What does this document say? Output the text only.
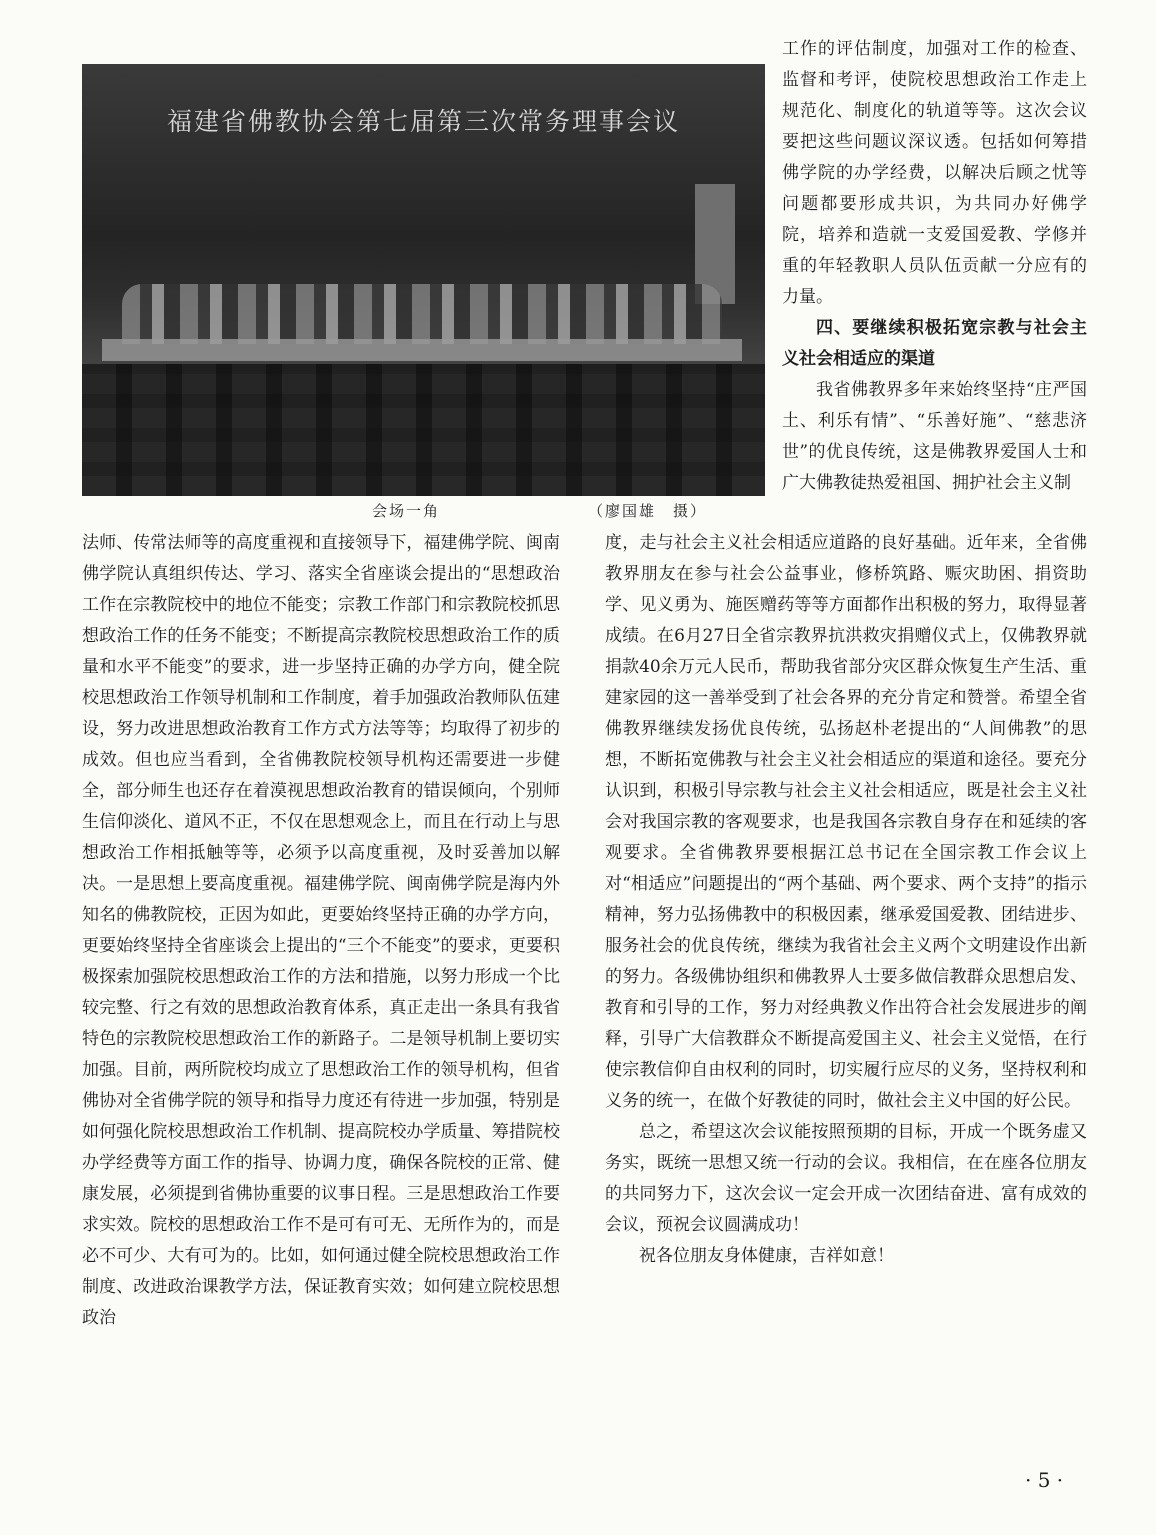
福建省佛教协会第七届第三次常务理事会议
会场一角	（廖国雄　摄）

工作的评估制度，加强对工作的检查、监督和考评，使院校思想政治工作走上规范化、制度化的轨道等等。这次会议要把这些问题议深议透。包括如何筹措佛学院的办学经费，以解决后顾之忧等问题都要形成共识，为共同办好佛学院，培养和造就一支爱国爱教、学修并重的年轻教职人员队伍贡献一分应有的力量。

四、要继续积极拓宽宗教与社会主义社会相适应的渠道

我省佛教界多年来始终坚持“庄严国土、利乐有情”、“乐善好施”、“慈悲济世”的优良传统，这是佛教界爱国人士和广大佛教徒热爱祖国、拥护社会主义制

法师、传常法师等的高度重视和直接领导下，福建佛学院、闽南佛学院认真组织传达、学习、落实全省座谈会提出的“思想政治工作在宗教院校中的地位不能变；宗教工作部门和宗教院校抓思想政治工作的任务不能变；不断提高宗教院校思想政治工作的质量和水平不能变”的要求，进一步坚持正确的办学方向，健全院校思想政治工作领导机制和工作制度，着手加强政治教师队伍建设，努力改进思想政治教育工作方式方法等等；均取得了初步的成效。但也应当看到，全省佛教院校领导机构还需要进一步健全，部分师生也还存在着漠视思想政治教育的错误倾向，个别师生信仰淡化、道风不正，不仅在思想观念上，而且在行动上与思想政治工作相抵触等等，必须予以高度重视，及时妥善加以解决。一是思想上要高度重视。福建佛学院、闽南佛学院是海内外知名的佛教院校，正因为如此，更要始终坚持正确的办学方向，更要始终坚持全省座谈会上提出的“三个不能变”的要求，更要积极探索加强院校思想政治工作的方法和措施，以努力形成一个比较完整、行之有效的思想政治教育体系，真正走出一条具有我省特色的宗教院校思想政治工作的新路子。二是领导机制上要切实加强。目前，两所院校均成立了思想政治工作的领导机构，但省佛协对全省佛学院的领导和指导力度还有待进一步加强，特别是如何强化院校思想政治工作机制、提高院校办学质量、筹措院校办学经费等方面工作的指导、协调力度，确保各院校的正常、健康发展，必须提到省佛协重要的议事日程。三是思想政治工作要求实效。院校的思想政治工作不是可有可无、无所作为的，而是必不可少、大有可为的。比如，如何通过健全院校思想政治工作制度、改进政治课教学方法，保证教育实效；如何建立院校思想政治

度，走与社会主义社会相适应道路的良好基础。近年来，全省佛教界朋友在参与社会公益事业，修桥筑路、赈灾助困、捐资助学、见义勇为、施医赠药等等方面都作出积极的努力，取得显著成绩。在6月27日全省宗教界抗洪救灾捐赠仪式上，仅佛教界就捐款40余万元人民币，帮助我省部分灾区群众恢复生产生活、重建家园的这一善举受到了社会各界的充分肯定和赞誉。希望全省佛教界继续发扬优良传统，弘扬赵朴老提出的“人间佛教”的思想，不断拓宽佛教与社会主义社会相适应的渠道和途径。要充分认识到，积极引导宗教与社会主义社会相适应，既是社会主义社会对我国宗教的客观要求，也是我国各宗教自身存在和延续的客观要求。全省佛教界要根据江总书记在全国宗教工作会议上对“相适应”问题提出的“两个基础、两个要求、两个支持”的指示精神，努力弘扬佛教中的积极因素，继承爱国爱教、团结进步、服务社会的优良传统，继续为我省社会主义两个文明建设作出新的努力。各级佛协组织和佛教界人士要多做信教群众思想启发、教育和引导的工作，努力对经典教义作出符合社会发展进步的阐释，引导广大信教群众不断提高爱国主义、社会主义觉悟，在行使宗教信仰自由权利的同时，切实履行应尽的义务，坚持权利和义务的统一，在做个好教徒的同时，做社会主义中国的好公民。

总之，希望这次会议能按照预期的目标，开成一个既务虚又务实，既统一思想又统一行动的会议。我相信，在在座各位朋友的共同努力下，这次会议一定会开成一次团结奋进、富有成效的会议，预祝会议圆满成功！

祝各位朋友身体健康，吉祥如意！

· 5 ·
